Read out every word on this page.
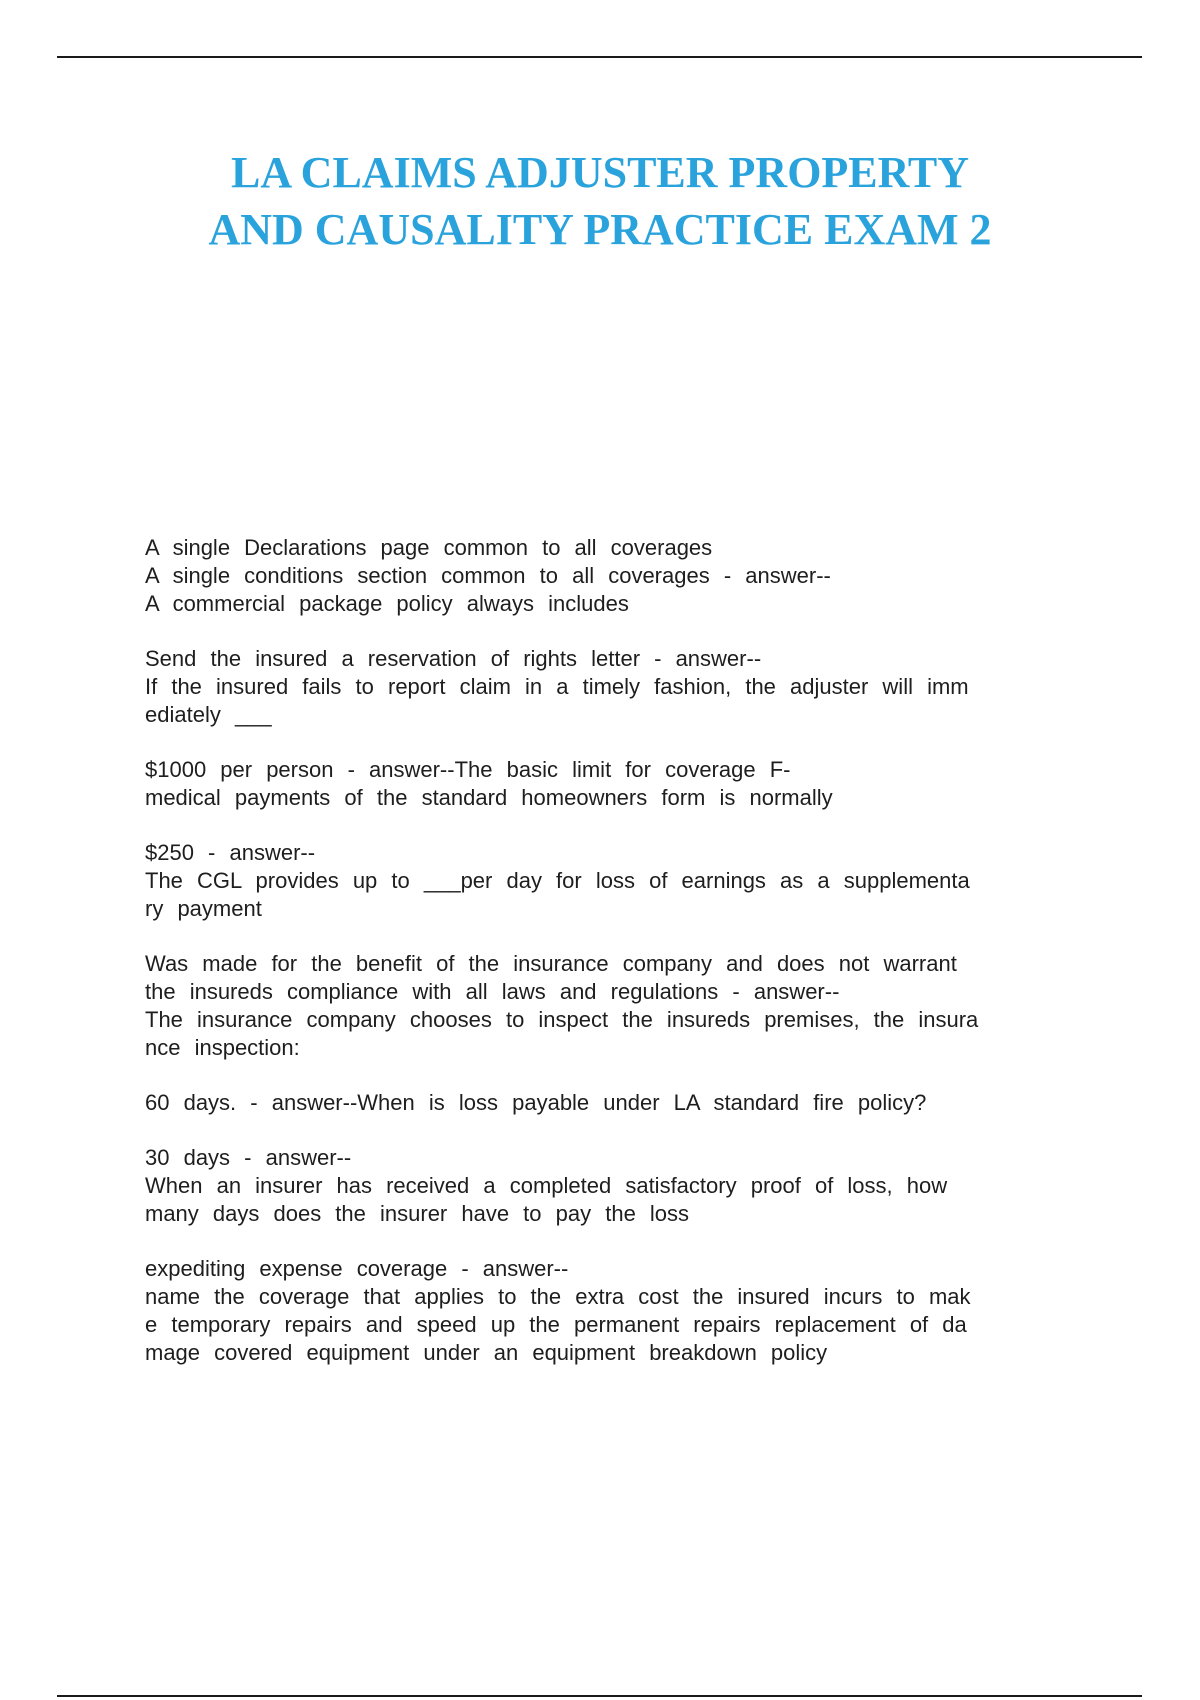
LA CLAIMS ADJUSTER PROPERTY
AND CAUSALITY PRACTICE EXAM 2
A single Declarations page common to all coverages
A single conditions section common to all coverages - answer--
A commercial package policy always includes
Send the insured a reservation of rights letter - answer--
If the insured fails to report claim in a timely fashion, the adjuster will imm
ediately ___
$1000 per person - answer--The basic limit for coverage F-
medical payments of the standard homeowners form is normally
$250 - answer--
The CGL provides up to ___per day for loss of earnings as a supplementa
ry payment
Was made for the benefit of the insurance company and does not warrant
the insureds compliance with all laws and regulations - answer--
The insurance company chooses to inspect the insureds premises, the insura
nce inspection:
60 days. - answer--When is loss payable under LA standard fire policy?
30 days - answer--
When an insurer has received a completed satisfactory proof of loss, how
many days does the insurer have to pay the loss
expediting expense coverage - answer--
name the coverage that applies to the extra cost the insured incurs to mak
e temporary repairs and speed up the permanent repairs replacement of da
mage covered equipment under an equipment breakdown policy
